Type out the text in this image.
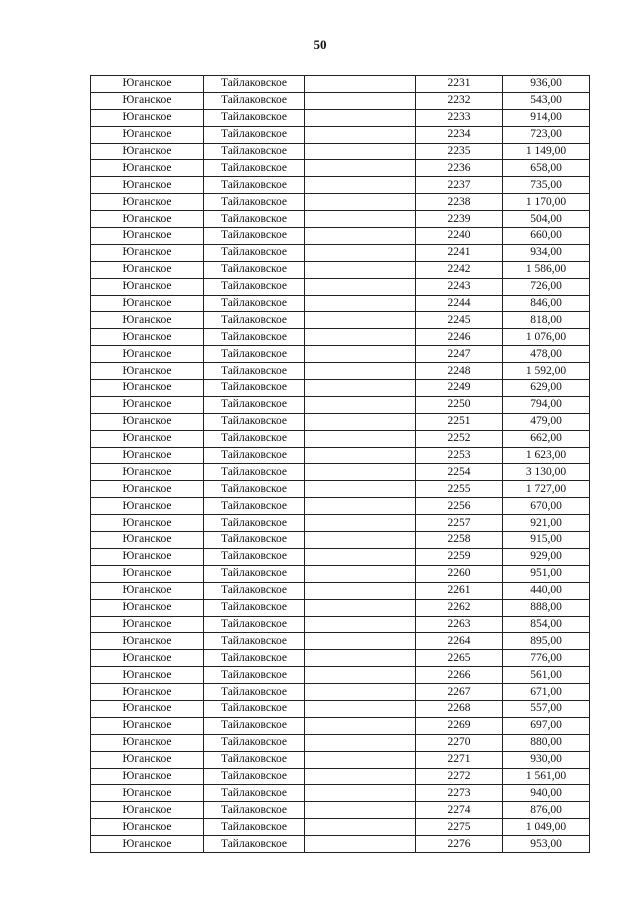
50
Юганское	Тайлаковское		2231	936,00
Юганское	Тайлаковское		2232	543,00
Юганское	Тайлаковское		2233	914,00
Юганское	Тайлаковское		2234	723,00
Юганское	Тайлаковское		2235	1 149,00
Юганское	Тайлаковское		2236	658,00
Юганское	Тайлаковское		2237	735,00
Юганское	Тайлаковское		2238	1 170,00
Юганское	Тайлаковское		2239	504,00
Юганское	Тайлаковское		2240	660,00
Юганское	Тайлаковское		2241	934,00
Юганское	Тайлаковское		2242	1 586,00
Юганское	Тайлаковское		2243	726,00
Юганское	Тайлаковское		2244	846,00
Юганское	Тайлаковское		2245	818,00
Юганское	Тайлаковское		2246	1 076,00
Юганское	Тайлаковское		2247	478,00
Юганское	Тайлаковское		2248	1 592,00
Юганское	Тайлаковское		2249	629,00
Юганское	Тайлаковское		2250	794,00
Юганское	Тайлаковское		2251	479,00
Юганское	Тайлаковское		2252	662,00
Юганское	Тайлаковское		2253	1 623,00
Юганское	Тайлаковское		2254	3 130,00
Юганское	Тайлаковское		2255	1 727,00
Юганское	Тайлаковское		2256	670,00
Юганское	Тайлаковское		2257	921,00
Юганское	Тайлаковское		2258	915,00
Юганское	Тайлаковское		2259	929,00
Юганское	Тайлаковское		2260	951,00
Юганское	Тайлаковское		2261	440,00
Юганское	Тайлаковское		2262	888,00
Юганское	Тайлаковское		2263	854,00
Юганское	Тайлаковское		2264	895,00
Юганское	Тайлаковское		2265	776,00
Юганское	Тайлаковское		2266	561,00
Юганское	Тайлаковское		2267	671,00
Юганское	Тайлаковское		2268	557,00
Юганское	Тайлаковское		2269	697,00
Юганское	Тайлаковское		2270	880,00
Юганское	Тайлаковское		2271	930,00
Юганское	Тайлаковское		2272	1 561,00
Юганское	Тайлаковское		2273	940,00
Юганское	Тайлаковское		2274	876,00
Юганское	Тайлаковское		2275	1 049,00
Юганское	Тайлаковское		2276	953,00
